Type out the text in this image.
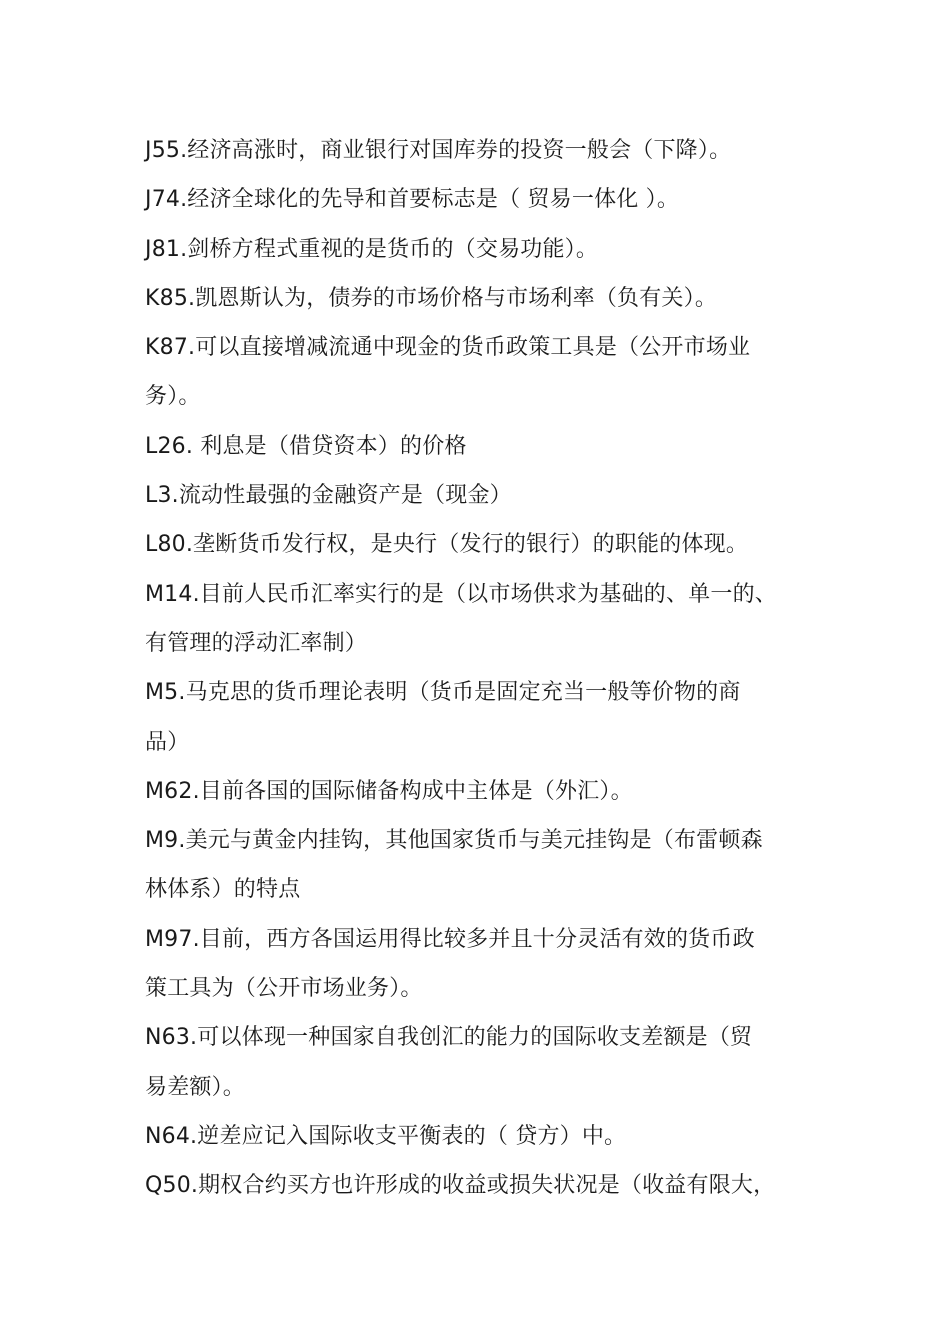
J55.经济高涨时，商业银行对国库券的投资一般会（下降）。
J74.经济全球化的先导和首要标志是（ 贸易一体化 ）。
J81.剑桥方程式重视的是货币的（交易功能）。
K85.凯恩斯认为，债券的市场价格与市场利率（负有关）。
K87.可以直接增减流通中现金的货币政策工具是（公开市场业
务）。
L26. 利息是（借贷资本）的价格
L3.流动性最强的金融资产是（现金）
L80.垄断货币发行权，是央行（发行的银行）的职能的体现。
M14.目前人民币汇率实行的是（以市场供求为基础的、单一的、
有管理的浮动汇率制）
M5.马克思的货币理论表明（货币是固定充当一般等价物的商
品）
M62.目前各国的国际储备构成中主体是（外汇）。
M9.美元与黄金内挂钩，其他国家货币与美元挂钩是（布雷顿森
林体系）的特点
M97.目前，西方各国运用得比较多并且十分灵活有效的货币政
策工具为（公开市场业务）。
N63.可以体现一种国家自我创汇的能力的国际收支差额是（贸
易差额）。
N64.逆差应记入国际收支平衡表的（ 贷方）中。
Q50.期权合约买方也许形成的收益或损失状况是（收益有限大，
